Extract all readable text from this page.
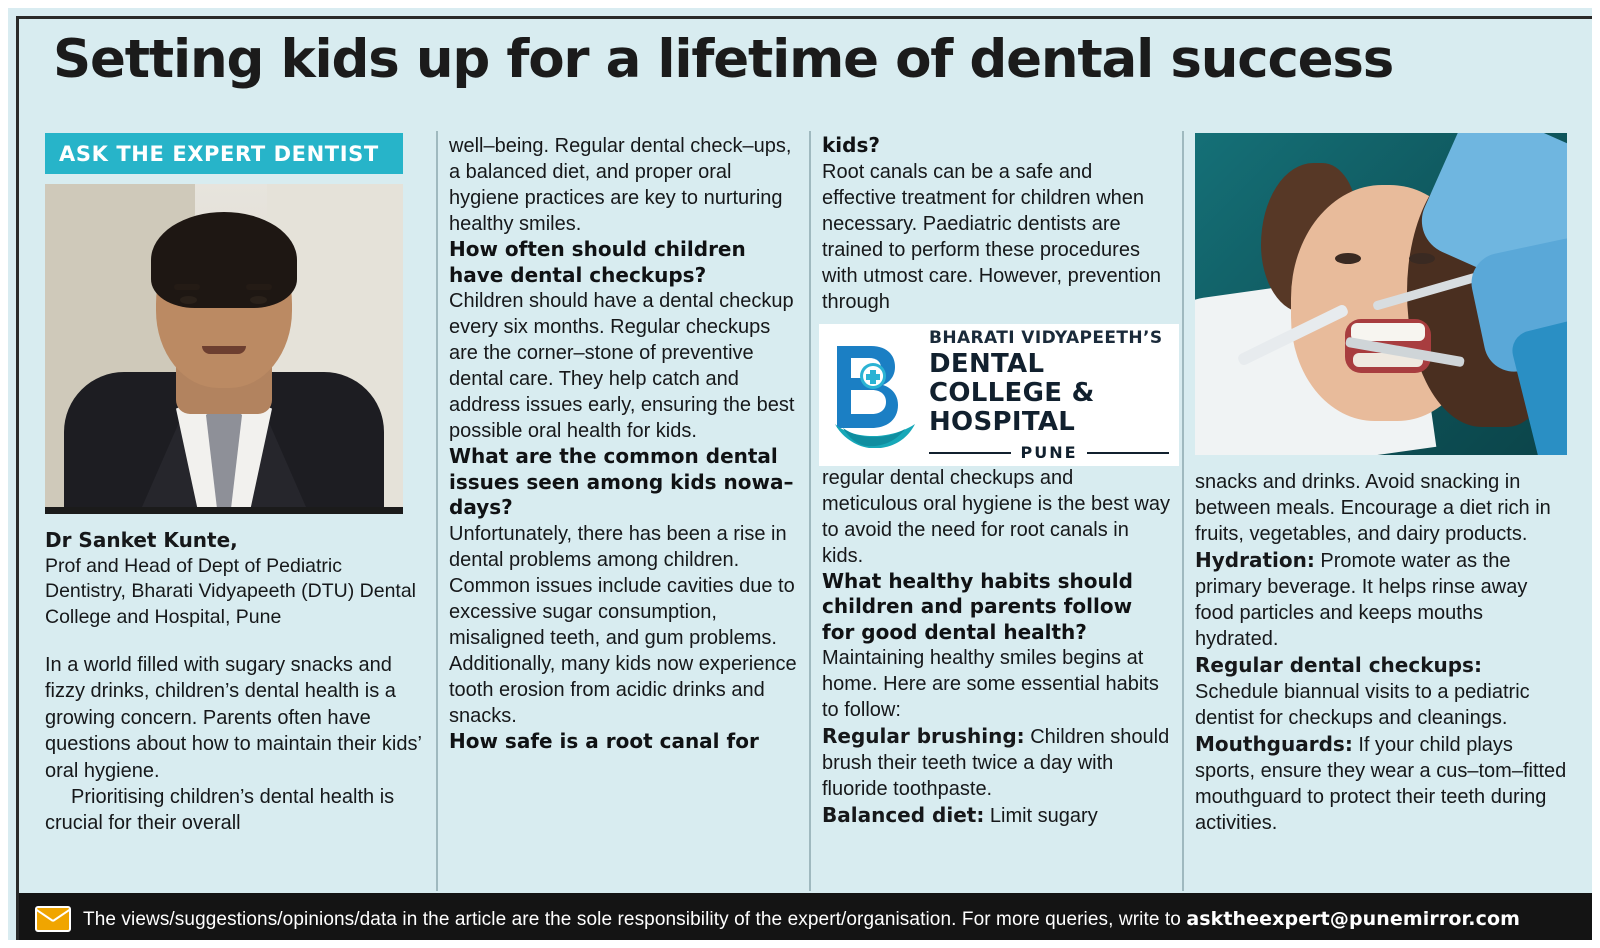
Setting kids up for a lifetime of dental success
ASK THE EXPERT DENTIST
Dr Sanket Kunte,
Prof and Head of Dept of Pediatric Dentistry, Bharati Vidyapeeth (DTU) Dental College and Hospital, Pune

In a world filled with sugary snacks and fizzy drinks, children’s dental health is a growing concern. Parents often have questions about how to maintain their kids’ oral hygiene.

Prioritising children’s dental health is crucial for their overall

well–being. Regular dental check–ups, a balanced diet, and proper oral hygiene practices are key to nurturing healthy smiles.

How often should children have dental checkups?

Children should have a dental checkup every six months. Regular checkups are the corner–stone of preventive dental care. They help catch and address issues early, ensuring the best possible oral health for kids.

What are the common dental issues seen among kids nowa–days?

Unfortunately, there has been a rise in dental problems among children. Common issues include cavities due to excessive sugar consumption, misaligned teeth, and gum problems. Additionally, many kids now experience tooth erosion from acidic drinks and snacks.

How safe is a root canal for

kids?

Root canals can be a safe and effective treatment for children when necessary. Paediatric dentists are trained to perform these procedures with utmost care. However, prevention through

regular dental checkups and meticulous oral hygiene is the best way to avoid the need for root canals in kids.

What healthy habits should children and parents follow for good dental health?

Maintaining healthy smiles begins at home. Here are some essential habits to follow:

Regular brushing: Children should brush their teeth twice a day with fluoride toothpaste.

Balanced diet: Limit sugary

BHARATI VIDYAPEETH’S
DENTAL COLLEGE & HOSPITAL
PUNE

snacks and drinks. Avoid snacking in between meals. Encourage a diet rich in fruits, vegetables, and dairy products.

Hydration: Promote water as the primary beverage. It helps rinse away food particles and keeps mouths hydrated.

Regular dental checkups: Schedule biannual visits to a pediatric dentist for checkups and cleanings.

Mouthguards: If your child plays sports, ensure they wear a cus–tom–fitted mouthguard to protect their teeth during activities.

The views/suggestions/opinions/data in the article are the sole responsibility of the expert/organisation. For more queries, write to asktheexpert@punemirror.com
